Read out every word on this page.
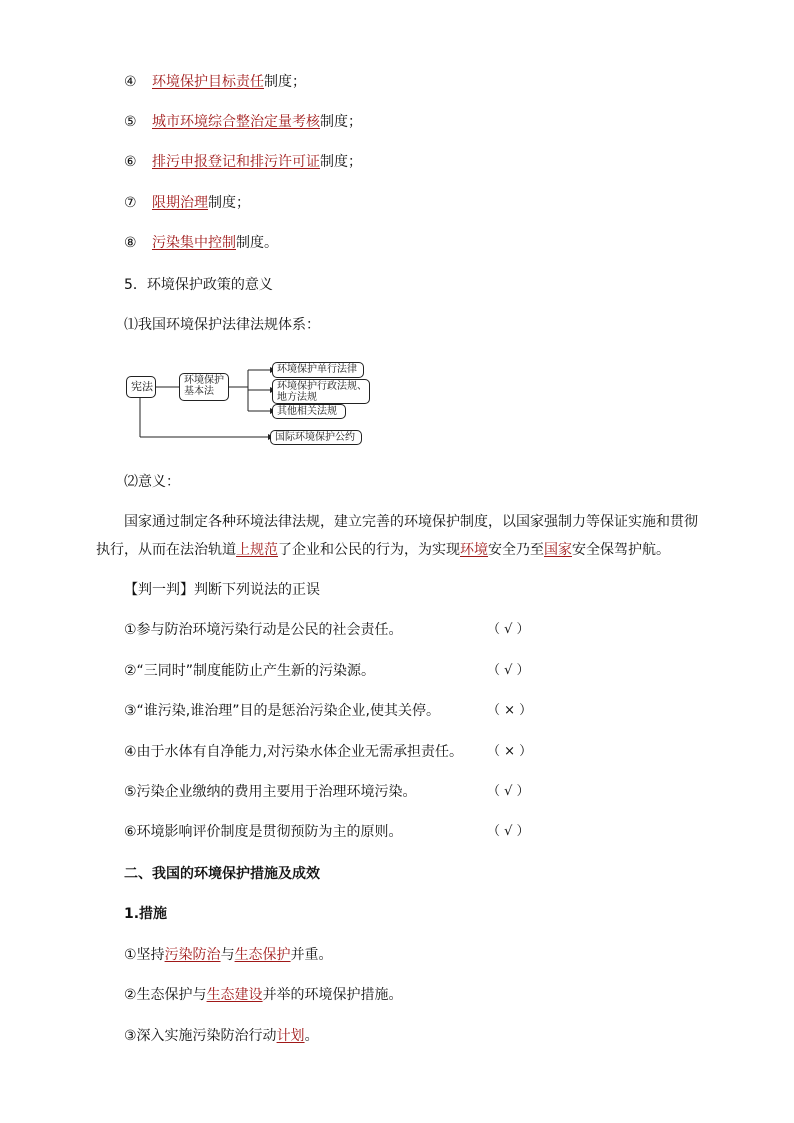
④ 环境保护目标责任制度；
⑤ 城市环境综合整治定量考核制度；
⑥ 排污申报登记和排污许可证制度；
⑦ 限期治理制度；
⑧ 污染集中控制制度。
5．环境保护政策的意义
⑴我国环境保护法律法规体系：
宪法	环境保护
基本法
环境保护单行法律
环境保护行政法规、
地方法规
其他相关法规
国际环境保护公约
⑵意义：
国家通过制定各种环境法律法规，建立完善的环境保护制度，以国家强制力等保证实施和贯彻
执行，从而在法治轨道上规范了企业和公民的行为，为实现环境安全乃至国家安全保驾护航。
【判一判】判断下列说法的正误
①参与防治环境污染行动是公民的社会责任。	（ √ ）
②“三同时”制度能防止产生新的污染源。	（ √ ）
③“谁污染,谁治理”目的是惩治污染企业,使其关停。	（ × ）
④由于水体有自净能力,对污染水体企业无需承担责任。 （ × ）
⑤污染企业缴纳的费用主要用于治理环境污染。	（ √ ）
⑥环境影响评价制度是贯彻预防为主的原则。	（ √ ）
二、我国的环境保护措施及成效
1.措施
①坚持污染防治与生态保护并重。
②生态保护与生态建设并举的环境保护措施。
③深入实施污染防治行动计划。
